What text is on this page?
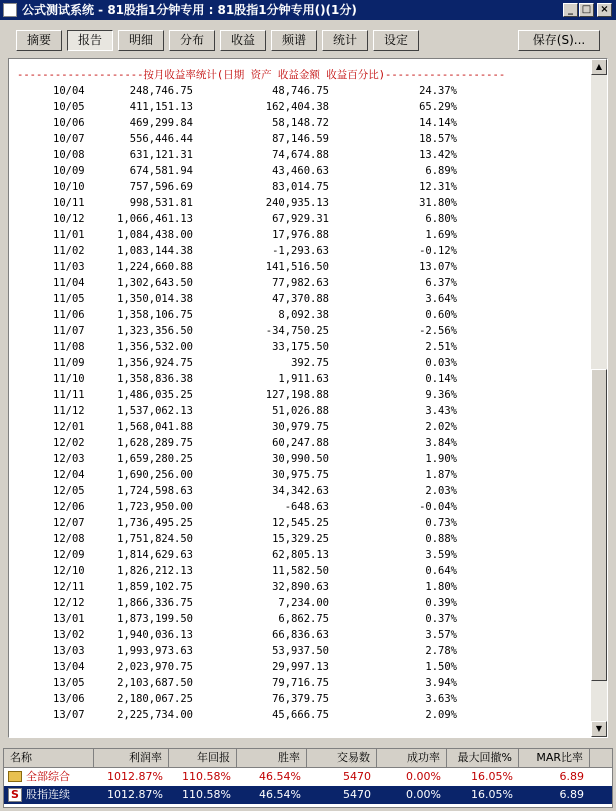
公式测试系统 - 81股指1分钟专用 : 81股指1分钟专用()(1分)	_ □ ×
摘要	报告	明细	分布	收益	频谱	统计	设定	保存(S)...
--------------------按月收益率统计(日期 资产 收益金额 收益百分比)-------------------
10/04	248,746.75	48,746.75	24.37%
10/05	411,151.13	162,404.38	65.29%
10/06	469,299.84	58,148.72	14.14%
10/07	556,446.44	87,146.59	18.57%
10/08	631,121.31	74,674.88	13.42%
10/09	674,581.94	43,460.63	6.89%
10/10	757,596.69	83,014.75	12.31%
10/11	998,531.81	240,935.13	31.80%
10/12	1,066,461.13	67,929.31	6.80%
11/01	1,084,438.00	17,976.88	1.69%
11/02	1,083,144.38	-1,293.63	-0.12%
11/03	1,224,660.88	141,516.50	13.07%
11/04	1,302,643.50	77,982.63	6.37%
11/05	1,350,014.38	47,370.88	3.64%
11/06	1,358,106.75	8,092.38	0.60%
11/07	1,323,356.50	-34,750.25	-2.56%
11/08	1,356,532.00	33,175.50	2.51%
11/09	1,356,924.75	392.75	0.03%
11/10	1,358,836.38	1,911.63	0.14%
11/11	1,486,035.25	127,198.88	9.36%
11/12	1,537,062.13	51,026.88	3.43%
12/01	1,568,041.88	30,979.75	2.02%
12/02	1,628,289.75	60,247.88	3.84%
12/03	1,659,280.25	30,990.50	1.90%
12/04	1,690,256.00	30,975.75	1.87%
12/05	1,724,598.63	34,342.63	2.03%
12/06	1,723,950.00	-648.63	-0.04%
12/07	1,736,495.25	12,545.25	0.73%
12/08	1,751,824.50	15,329.25	0.88%
12/09	1,814,629.63	62,805.13	3.59%
12/10	1,826,212.13	11,582.50	0.64%
12/11	1,859,102.75	32,890.63	1.80%
12/12	1,866,336.75	7,234.00	0.39%
13/01	1,873,199.50	6,862.75	0.37%
13/02	1,940,036.13	66,836.63	3.57%
13/03	1,993,973.63	53,937.50	2.78%
13/04	2,023,970.75	29,997.13	1.50%
13/05	2,103,687.50	79,716.75	3.94%
13/06	2,180,067.25	76,379.75	3.63%
13/07	2,225,734.00	45,666.75	2.09%
▲
▼
名称	利润率	年回报	胜率	交易数	成功率	最大回撤%	MAR比率
全部综合	1012.87%	110.58%	46.54%	5470	0.00%	16.05%	6.89
S 股指连续	1012.87%	110.58%	46.54%	5470	0.00%	16.05%	6.89
